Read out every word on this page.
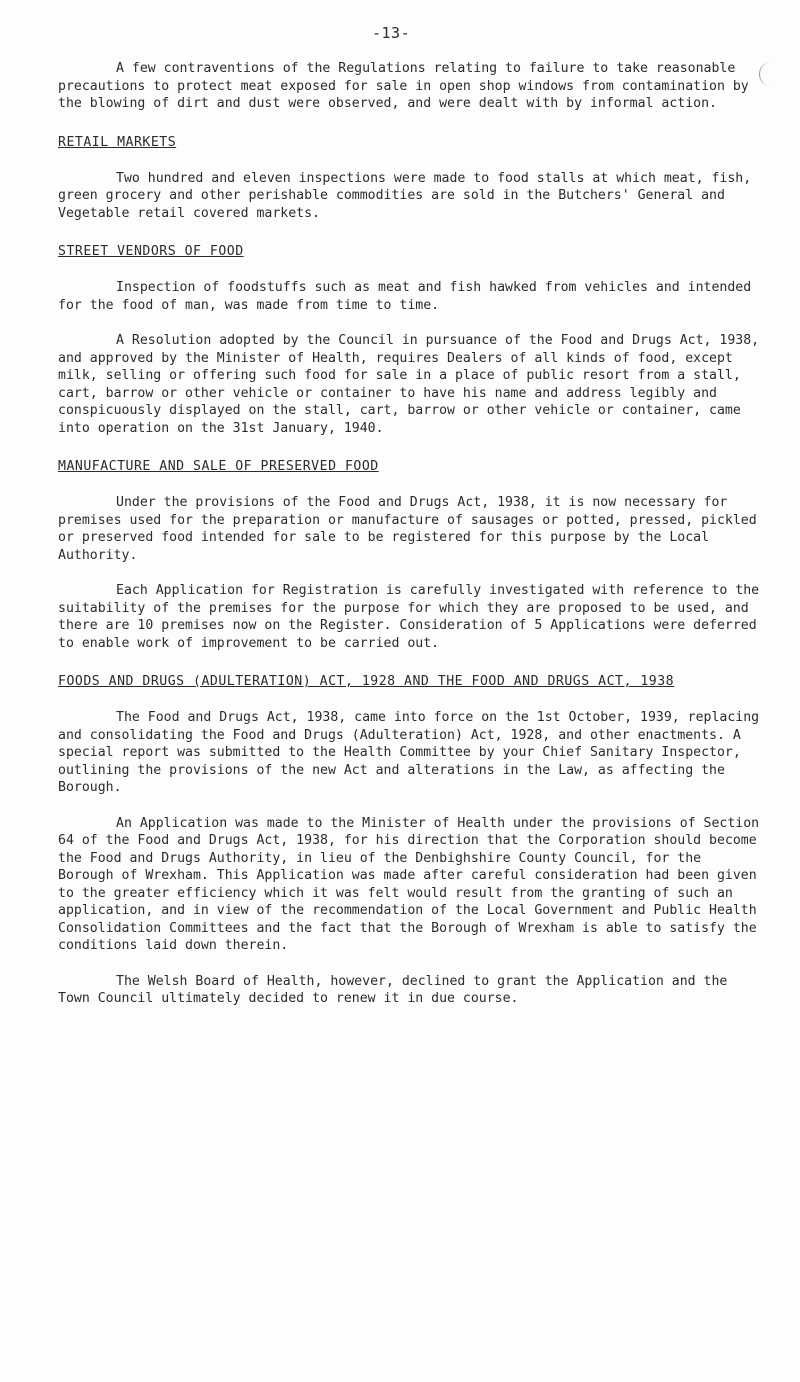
-13-

A few contraventions of the Regulations relating to failure to take reasonable precautions to protect meat exposed for sale in open shop windows from contamination by the blowing of dirt and dust were observed, and were dealt with by informal action.

RETAIL MARKETS

Two hundred and eleven inspections were made to food stalls at which meat, fish, green grocery and other perishable commodities are sold in the Butchers' General and Vegetable retail covered markets.

STREET VENDORS OF FOOD

Inspection of foodstuffs such as meat and fish hawked from vehicles and intended for the food of man, was made from time to time.

A Resolution adopted by the Council in pursuance of the Food and Drugs Act, 1938, and approved by the Minister of Health, requires Dealers of all kinds of food, except milk, selling or offering such food for sale in a place of public resort from a stall, cart, barrow or other vehicle or container to have his name and address legibly and conspicuously displayed on the stall, cart, barrow or other vehicle or container, came into operation on the 31st January, 1940.

MANUFACTURE AND SALE OF PRESERVED FOOD

Under the provisions of the Food and Drugs Act, 1938, it is now necessary for premises used for the preparation or manufacture of sausages or potted, pressed, pickled or preserved food intended for sale to be registered for this purpose by the Local Authority.

Each Application for Registration is carefully investigated with reference to the suitability of the premises for the purpose for which they are proposed to be used, and there are 10 premises now on the Register. Consideration of 5 Applications were deferred to enable work of improvement to be carried out.

FOODS AND DRUGS (ADULTERATION) ACT, 1928 AND THE FOOD AND DRUGS ACT, 1938

The Food and Drugs Act, 1938, came into force on the 1st October, 1939, replacing and consolidating the Food and Drugs (Adulteration) Act, 1928, and other enactments. A special report was submitted to the Health Committee by your Chief Sanitary Inspector, outlining the provisions of the new Act and alterations in the Law, as affecting the Borough.

An Application was made to the Minister of Health under the provisions of Section 64 of the Food and Drugs Act, 1938, for his direction that the Corporation should become the Food and Drugs Authority, in lieu of the Denbighshire County Council, for the Borough of Wrexham. This Application was made after careful consideration had been given to the greater efficiency which it was felt would result from the granting of such an application, and in view of the recommendation of the Local Government and Public Health Consolidation Committees and the fact that the Borough of Wrexham is able to satisfy the conditions laid down therein.

The Welsh Board of Health, however, declined to grant the Application and the Town Council ultimately decided to renew it in due course.
